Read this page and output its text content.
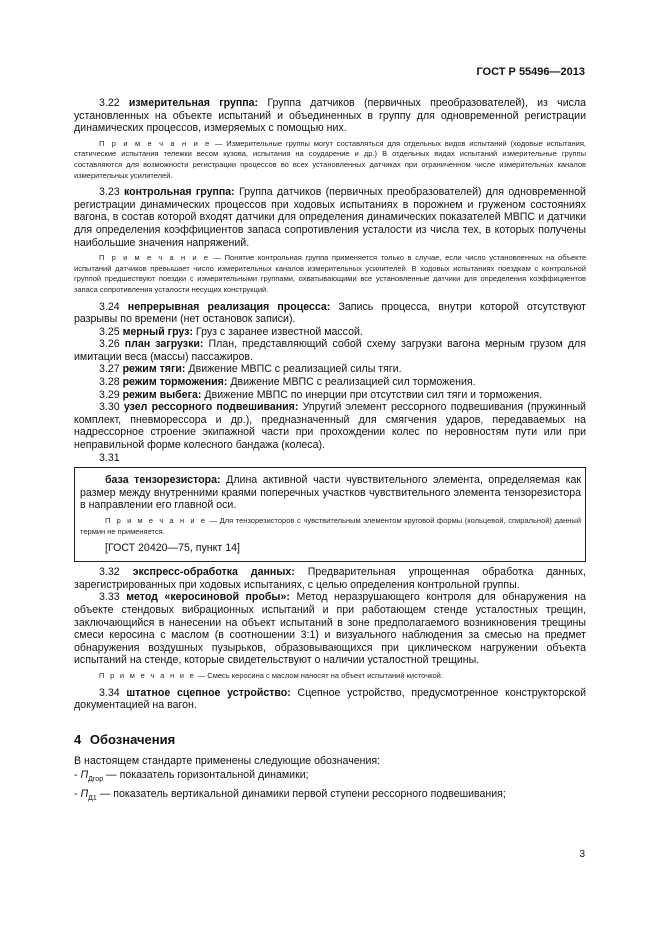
ГОСТ Р 55496—2013

3.22 измерительная группа: Группа датчиков (первичных преобразователей), из числа установленных на объекте испытаний и объединенных в группу для одновременной регистрации динамических процессов, измеряемых с помощью них.

П р и м е ч а н и е — Измерительные группы могут составляться для отдельных видов испытаний (ходовые испытания, статические испытания тележки весом кузова, испытания на соударение и др.) В отдельных видах испытаний измерительные группы составляются для возможности регистрации процессов во всех установленных датчиках при ограниченном числе измерительных каналов измерительных усилителей.

3.23 контрольная группа: Группа датчиков (первичных преобразователей) для одновременной регистрации динамических процессов при ходовых испытаниях в порожнем и груженом состояниях вагона, в состав которой входят датчики для определения динамических показателей МВПС и датчики для определения коэффициентов запаса сопротивления усталости из числа тех, в которых получены наибольшие значения напряжений.

П р и м е ч а н и е — Понятие контрольная группа применяется только в случае, если число установленных на объекте испытаний датчиков превышает число измерительных каналов измерительных усилителей. В ходовых испытаниях поездкам с контрольной группой предшествуют поездки с измерительными группами, охватывающими все установленные датчики для определения коэффициентов запаса сопротивления усталости несущих конструкций.

3.24 непрерывная реализация процесса: Запись процесса, внутри которой отсутствуют разрывы по времени (нет остановок записи).

3.25 мерный груз: Груз с заранее известной массой.

3.26 план загрузки: План, представляющий собой схему загрузки вагона мерным грузом для имитации веса (массы) пассажиров.

3.27 режим тяги: Движение МВПС с реализацией силы тяги.

3.28 режим торможения: Движение МВПС с реализацией сил торможения.

3.29 режим выбега: Движение МВПС по инерции при отсутствии сил тяги и торможения.

3.30 узел рессорного подвешивания: Упругий элемент рессорного подвешивания (пружинный комплект, пневморессора и др.), предназначенный для смягчения ударов, передаваемых на надрессорное строение экипажной части при прохождении колес по неровностям пути или при неправильной форме колесного бандажа (колеса).

3.31

база тензорезистора: Длина активной части чувствительного элемента, определяемая как размер между внутренними краями поперечных участков чувствительного элемента тензорезистора в направлении его главной оси.

П р и м е ч а н и е — Для тензорезисторов с чувствительным элементом круговой формы (кольцевой, спиральной) данный термин не применяется.

[ГОСТ 20420—75, пункт 14]

3.32 экспресс-обработка данных: Предварительная упрощенная обработка данных, зарегистрированных при ходовых испытаниях, с целью определения контрольной группы.

3.33 метод «керосиновой пробы»: Метод неразрушающего контроля для обнаружения на объекте стендовых вибрационных испытаний и при работающем стенде усталостных трещин, заключающийся в нанесении на объект испытаний в зоне предполагаемого возникновения трещины смеси керосина с маслом (в соотношении 3:1) и визуального наблюдения за смесью на предмет обнаружения воздушных пузырьков, образовывающихся при циклическом нагружении объекта испытаний на стенде, которые свидетельствуют о наличии усталостной трещины.

П р и м е ч а н и е — Смесь керосина с маслом наносят на объект испытаний кисточкой.

3.34 штатное сцепное устройство: Сцепное устройство, предусмотренное конструкторской документацией на вагон.

4 Обозначения

В настоящем стандарте применены следующие обозначения:

- $П_{Дгор}$ — показатель горизонтальной динамики;

- $П_{Д1}$ — показатель вертикальной динамики первой ступени рессорного подвешивания;

3
